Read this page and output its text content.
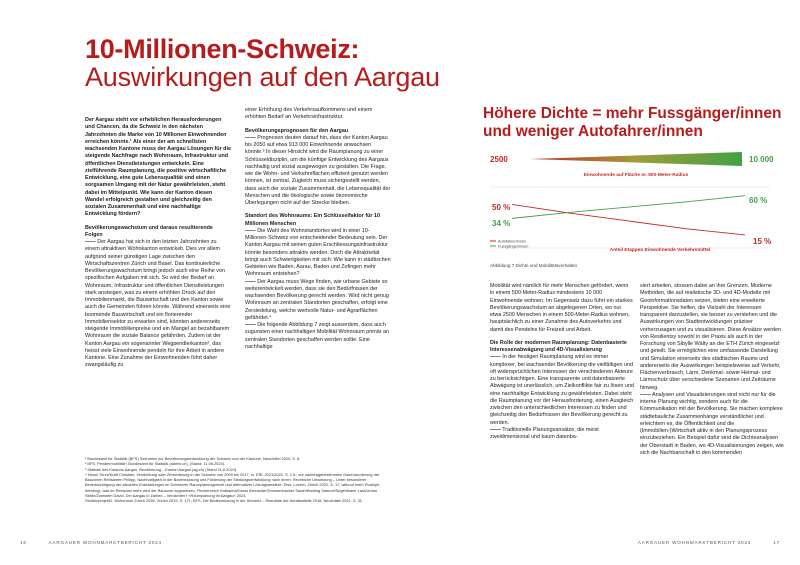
10-Millionen-Schweiz:
Auswirkungen auf den Aargau

Der Aargau steht vor erheblichen Herausforderungen und Chancen, da die Schweiz in den nächsten Jahrzehnten die Marke von 10 Millionen Einwohnenden erreichen könnte.¹ Als einer der am schnellsten wachsenden Kantone muss der Aargau Lösungen für die steigende Nachfrage nach Wohnraum, Infrastruktur und öffentlichen Dienstleistungen entwickeln. Eine zielführende Raumplanung, die positive wirtschaftliche Entwicklung, eine gute Lebensqualität und einen sorgsamen Umgang mit der Natur gewährleisten, steht dabei im Mittelpunkt. Wie kann der Kanton diesen Wandel erfolgreich gestalten und gleichzeitig den sozialen Zusammenhalt und eine nachhaltige Entwicklung fördern?

Bevölkerungswachstum und daraus resultierende Folgen

—— Der Aargau hat sich in den letzten Jahrzehnten zu einem attraktiven Wohnkanton entwickelt. Dies vor allem aufgrund seiner günstigen Lage zwischen den Wirtschaftszentren Zürich und Basel. Das kontinuierliche Bevölkerungswachstum bringt jedoch auch eine Reihe von spezifischen Aufgaben mit sich. So wird der Bedarf an Wohnraum, Infrastruktur und öffentlichen Dienstleistungen stark ansteigen, was zu einem erhöhten Druck auf den Immobilienmarkt, die Bauwirtschaft und den Kanton sowie auch die Gemeinden führen könnte. Während einerseits eine boomende Bauwirtschaft und ein florierender Immobiliensektor zu erwarten sind, könnten andererseits steigende Immobilienpreise und ein Mangel an bezahlbarem Wohnraum die soziale Balance gefährden. Zudem ist der Kanton Aargau ein sogenannter Wegpendlerkanton², das heisst viele Einwohnende pendeln für ihre Arbeit in andere Kantone. Eine Zunahme der Einwohnenden führt daher zwangsläufig zu

einer Erhöhung des Verkehrsaufkommens und einem erhöhten Bedarf an Verkehrsinfrastruktur.

Bevölkerungsprognosen für den Aargau

—— Prognosen deuten darauf hin, dass der Kanton Aargau bis 2050 auf etwa 913 000 Einwohnende anwachsen könnte.³ In dieser Hinsicht wird die Raumplanung zu einer Schlüsseldisziplin, um die künftige Entwicklung des Aargaus nachhaltig und sozial ausgewogen zu gestalten. Die Frage, wie die Wohn- und Verkehrsflächen effizient genutzt werden können, ist zentral. Zugleich muss sichergestellt werden, dass auch der soziale Zusammenhalt, die Lebensqualität der Menschen und die ökologische sowie ökonomische Überlegungen nicht auf der Strecke bleiben.

Standort des Wohnraums: Ein Schlüsselfaktor für 10 Millionen Menschen

—— Die Wahl des Wohnstandortes wird in einer 10-Millionen-Schweiz von entscheidender Bedeutung sein. Der Kanton Aargau mit seinen guten Erschliessungsinfrastruktur könnte besonders attraktiv werden. Doch die Attraktivität bringt auch Schwierigkeiten mit sich: Wie kann in städtischen Gebieten wie Baden, Aarau, Baden und Zofingen mehr Wohnraum entstehen?

—— Der Aargau muss Wege finden, wie urbane Gebiete so weiterentwickelt werden, dass sie den Bedürfnissen der wachsenden Bevölkerung gerecht werden. Wird nicht genug Wohnraum an zentralen Standorten geschaffen, erfolgt eine Zersiedelung, welche wertvolle Natur- und Agrarflächen gefährdet.⁴

—— Die folgende Abbildung 7 zeigt ausserdem, dass auch zugunsten einer nachhaltigen Mobilität Wohnraum primär an zentralen Standorten geschaffen werden sollte. Eine nachhaltige

¹ Bundesamt für Statistik (BFS) Szenarien zur Bevölkerungsentwicklung der Schweiz und der Kantone, Neuchâtel 2020, S. 8.
² BFS, Pendlermobilität / Bundesamt für Statistik (admin.ch), (Stand: 11.06.2024).
³ Statistik des Kantons Aargau, Bevölkerung – Kanton Aargau (ag.ch) (Stand 11.6.2024).
⁴ Hanni Trinni/Kraft Christian, Verdichtung oder Zersiedelung in der Schweiz von 2009 bis 2017, in: ERL 2021/2022, S. 1 ff.; zur nachfragebestimmten Dimensionierung der Bauzonen Rebsamen Philipp, Nachhaltigkeit in der Bodennutzung und Förderung der Siedlungsentwicklung nach innen: Rechtliche Umsetzung – Unter besonderer Berücksichtigung der aktuellen Entwicklungen im Schweizer Raumplanungsrecht und alternativer Lösungsansätze, Diss. Luzern, Zürich 2022, S. 17; without mehr Rudolph, Werdingl, was im Richtplan mehr wird der Bauzone zugewiesen, Fleckenreich Katharina/Gross Alexander/Grossenbacher Sarah/Kissling Samuel/Segenthaler Lara/Urban Sibille/Zumstein David, Der Aargau in Zahlen – Verdichten? «Raumplanung im Aargau» 2023,
Studienprojekt2, Wohnraum Zürich 2050, Zürich 2019, S. 17f.; BFS, Die Bodennutzung in der Schweiz – Resultate der Arealstatistik 2018, Neuchâtel 2021, S. 31.
Höhere Dichte = mehr Fussgänger/innen
und weniger Autofahrer/innen
2500	10 000
Einwohnende auf Fläche m. 500-Meter-Radius
50 %
34 %
60 %
15 %
Autofahrer/innen
Fussgänger/innen
Anteil Etappen Einwohnende Verkehrsmittel
Abbildung 7 Dichte und Mobilitätsverhalten

Mobilität wird nämlich für mehr Menschen gefördert, wenn in einem 500-Meter-Radius mindestens 10 000 Einwohnende wohnen. Im Gegensatz dazu führt ein starkes Bevölkerungswachstum an abgelegenen Orten, wo nur etwa 2500 Menschen in einem 500-Meter-Radius wohnen, hauptsächlich zu einer Zunahme des Autoverkehrs und damit des Pendelns für Freizeit und Arbeit.

Die Rolle der modernen Raumplanung: Datenbasierte Interessenabwägung und 4D-Visualisierung

—— In der heutigen Raumplanung wird es immer komplexer, bei wachsender Bevölkerung die vielfältigen und oft widersprüchlichen Interessen der verschiedenen Akteure zu berücksichtigen. Eine transparente und datenbasierte Abwägung ist unerlässlich, um Zielkonflikte fair zu lösen und eine nachhaltige Entwicklung zu gewährleisten. Dabei steht die Raumplanung vor der Herausforderung, einen Ausgleich zwischen den unterschiedlichen Interessen zu finden und gleichzeitig den Bedürfnissen der Bevölkerung gerecht zu werden.

—— Traditionelle Planungsansätze, die meist zweidimensional und kaum datenba-

siert arbeiten, stossen dabei an ihre Grenzen. Moderne Methoden, die auf realistische 3D- und 4D-Modelle mit Geoinformationsdaten setzen, bieten eine erweiterte Perspektive. Sie helfen, die Vielzahl der Interessen transparent darzustellen, sie besser zu verstehen und die Auswirkungen von Stadtentwicklungen präziser vorherzusagen und zu visualisieren. Diese Ansätze werden von Resilientsy sowohl in der Praxis als auch in der Forschung von Sibylle Wälty an der ETH Zürich eingesetzt und geteilt. Sie ermöglichen eine umfassende Darstellung und Simulation einerseits des städtischen Raums und andererseits der Auswirkungen beispielsweise auf Verkehr, Flächenverbrauch, Lärm, Denkmal- sowie Heimat- und Lärmschutz über verschiedene Szenarien und Zeiträume hinweg.

—— Analysen und Visualisierungen sind nicht nur für die interne Planung wichtig, sondern auch für die Kommunikation mit der Bevölkerung. Sie machen komplexe städtebauliche Zusammenhänge verständlicher und erleichtern es, die Öffentlichkeit und die (Immobilien-)Wirtschaft aktiv in den Planungsprozess einzubeziehen. Ein Beispiel dafür sind die Dichteanalysen der Oberstadt in Baden, wo 4D-Visualisierungen zeigen, wie sich die Nachbarschaft in den kommenden

16	AARGAUER WOHNMARKTBERICHT 2024	AARGAUER WOHNMARKTBERICHT 2024	17
